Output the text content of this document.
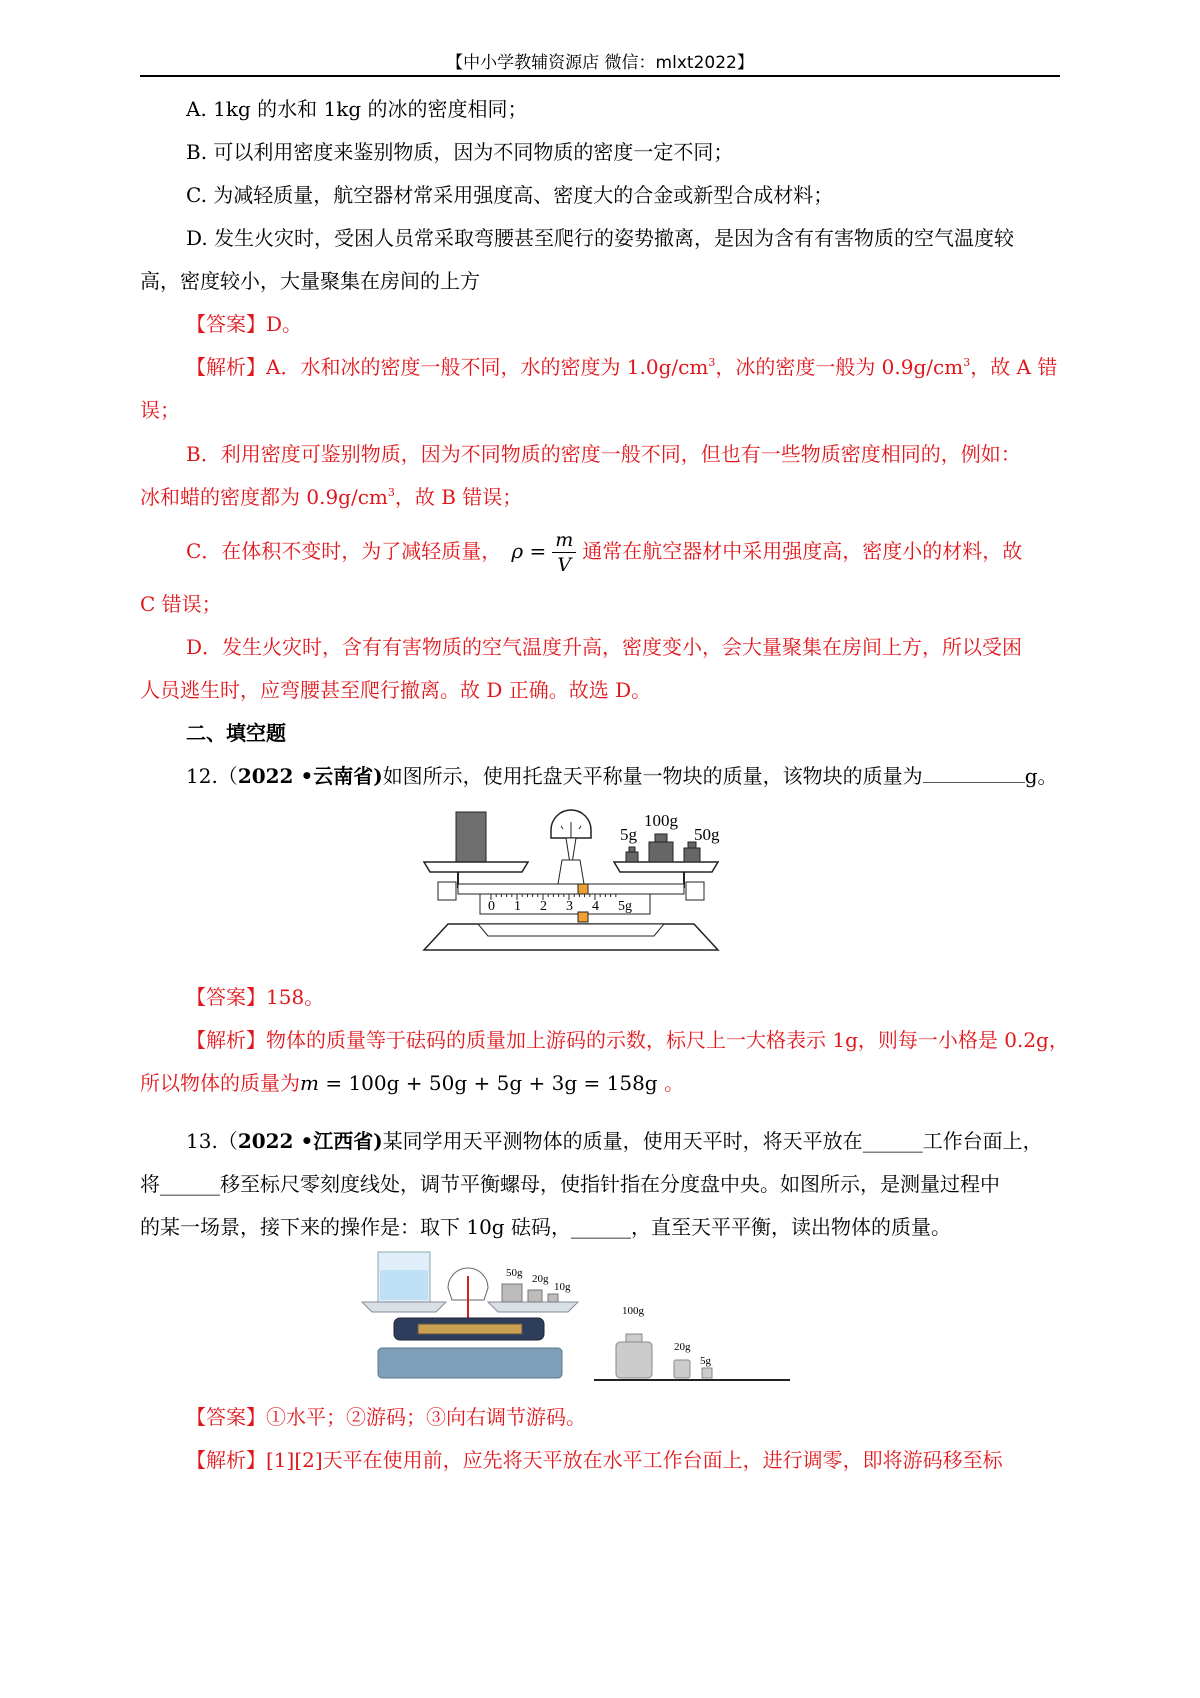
【中小学教辅资源店 微信：mlxt2022】
A. 1kg 的水和 1kg 的冰的密度相同；
B. 可以利用密度来鉴别物质，因为不同物质的密度一定不同；
C. 为减轻质量，航空器材常采用强度高、密度大的合金或新型合成材料；
D. 发生火灾时，受困人员常采取弯腰甚至爬行的姿势撤离，是因为含有有害物质的空气温度较
高，密度较小，大量聚集在房间的上方
【答案】D。
【解析】A．水和冰的密度一般不同，水的密度为 $1.0g/cm^3$，冰的密度一般为 $0.9g/cm^3$，故 A 错
误；
B．利用密度可鉴别物质，因为不同物质的密度一般不同，但也有一些物质密度相同的，例如：
冰和蜡的密度都为 $0.9g/cm^3$，故 B 错误；
C．在体积不变时，为了减轻质量， $\rho = \frac{m}{V}$ 通常在航空器材中采用强度高，密度小的材料，故
C 错误；
D．发生火灾时，含有有害物质的空气温度升高，密度变小，会大量聚集在房间上方，所以受困
人员逃生时，应弯腰甚至爬行撤离。故 D 正确。故选 D。
二、填空题
12.（2022 •云南省)如图所示，使用托盘天平称量一物块的质量，该物块的质量为	g。
5g
100g
50g
0 1 2 3 4 5g
【答案】158。
【解析】物体的质量等于砝码的质量加上游码的示数，标尺上一大格表示 1g，则每一小格是 0.2g，
所以物体的质量为m = 100g + 50g + 5g + 3g = 158g 。
13.（2022 •江西省)某同学用天平测物体的质量，使用天平时，将天平放在______工作台面上，
将______移至标尺零刻度线处，调节平衡螺母，使指针指在分度盘中央。如图所示，是测量过程中
的某一场景，接下来的操作是：取下 10g 砝码，______，直至天平平衡，读出物体的质量。
50g 20g
10g
100g
20g
5g
【答案】①水平；②游码；③向右调节游码。
【解析】[1][2]天平在使用前，应先将天平放在水平工作台面上，进行调零，即将游码移至标
